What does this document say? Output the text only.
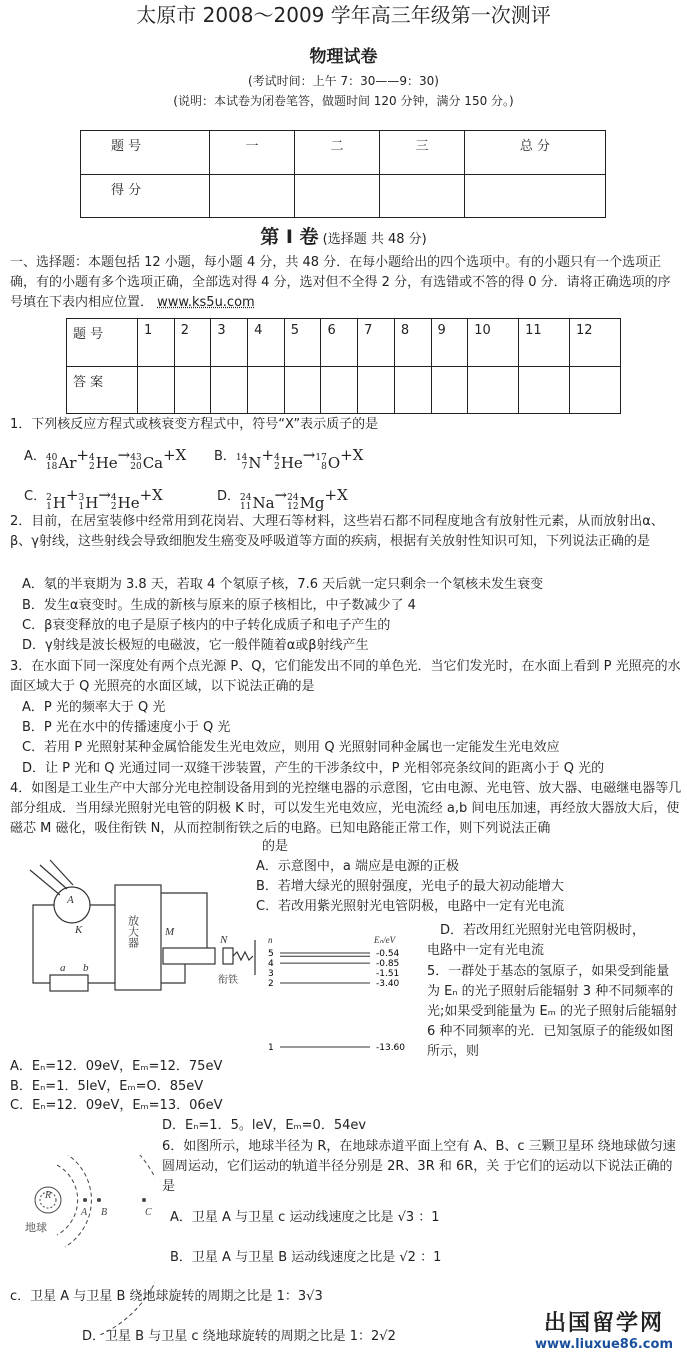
太原市 2008～2009 学年高三年级第一次测评
物理试卷
(考试时间：上午 7：30——9：30)
(说明：本试卷为闭卷笔答，做题时间 120 分钟，满分 150 分。)
题 号	一	二	三	总 分
得 分				
第 I 卷 (选择题 共 48 分)
一、选择题：本题包括 12 小题，每小题 4 分，共 48 分．在每小题给出的四个选项中。有的小题只有一个选项正确，有的小题有多个选项正确，全部选对得 4 分，选对但不全得 2 分，有选错或不答的得 0 分．请将正确选项的序号填在下表内相应位置． www.ks5u.com
题 号	1	2	3	4	5	6	7	8	9	10	11	12
答 案												
1．下列核反应方程式或核衰变方程式中，符号“X”表示质子的是
A． 40
18 Ar + 4
2 He → 43
20 Ca +X B． 14
7 N + 4
2 He → 17
8 O +X
C． 2
1 H + 3
1 H → 4
2 He +X	D． 24
11 Na → 24
12 Mg +X
2．目前，在居室装修中经常用到花岗岩、大理石等材料，这些岩石都不同程度地含有放射性元素，从而放射出α、β、γ射线，这些射线会导致细胞发生癌变及呼吸道等方面的疾病，根据有关放射性知识可知，下列说法正确的是
A．氡的半衰期为 3.8 天，若取 4 个氡原子核，7.6 天后就一定只剩余一个氡核未发生衰变
B．发生α衰变时。生成的新核与原来的原子核相比，中子数减少了 4
C．β衰变释放的电子是原子核内的中子转化成质子和电子产生的
D．γ射线是波长极短的电磁波，它一般伴随着α或β射线产生
3．在水面下同一深度处有两个点光源 P、Q，它们能发出不同的单色光．当它们发光时，在水面上看到 P 光照亮的水面区域大于 Q 光照亮的水面区域，以下说法正确的是
A．P 光的频率大于 Q 光
B．P 光在水中的传播速度小于 Q 光
C．若用 P 光照射某种金属恰能发生光电效应，则用 Q 光照射同种金属也一定能发生光电效应
D．让 P 光和 Q 光通过同一双缝干涉装置，产生的干涉条纹中，P 光相邻亮条纹间的距离小于 Q 光的
4．如图是工业生产中大部分光电控制设备用到的光控继电器的示意图，它由电源、光电管、放大器、电磁继电器等几部分组成．当用绿光照射光电管的阴极 K 时，可以发生光电效应，光电流经 a,b 间电压加速，再经放大器放大后，使磁芯 M 磁化，吸住衔铁 N，从而控制衔铁之后的电路。已知电路能正常工作，则下列说法正确
的是
A．示意图中，a 端应是电源的正极
B．若增大绿光的照射强度，光电子的最大初动能增大
C．若改用紫光照射光电管阴极，电路中一定有光电流
D．若改用红光照射光电管阴极时，
电路中一定有光电流
A
K
a b
M
N
放大器
衔铁
n	Eₙ/eV
5	-0.54
4	-0.85
3	-1.51
2	-3.40
1	-13.60
5．一群处于基态的氢原子，如果受到能量为 Eₙ 的光子照射后能辐射 3 种不同频率的光;如果受到能量为 Eₘ 的光子照射后能辐射 6 种不同频率的光．已知氢原子的能级如图所示，则
A．Eₙ=12．09eV，Eₘ=12．75eV
B．Eₙ=1．5leV，Eₘ=O．85eV
C．Eₙ=12．09eV，Eₘ=13．06eV
D．Eₙ=1．5。leV，Eₘ=0．54ev
6．如图所示，地球半径为 R，在地球赤道平面上空有 A、B、c 三颗卫星环 绕地球做匀速圆周运动，它们运动的轨道半径分别是 2R、3R 和 6R，关 于它们的运动以下说法正确的是
R
A B	C
地球
A．卫星 A 与卫星 c 运动线速度之比是 √3 ：1
B．卫星 A 与卫星 B 运动线速度之比是 √2 ：1
c．卫星 A 与卫星 B 绕地球旋转的周期之比是 1：3√3
D．卫星 B 与卫星 c 绕地球旋转的周期之比是 1：2√2
出国留学网
www.liuxue86.com
